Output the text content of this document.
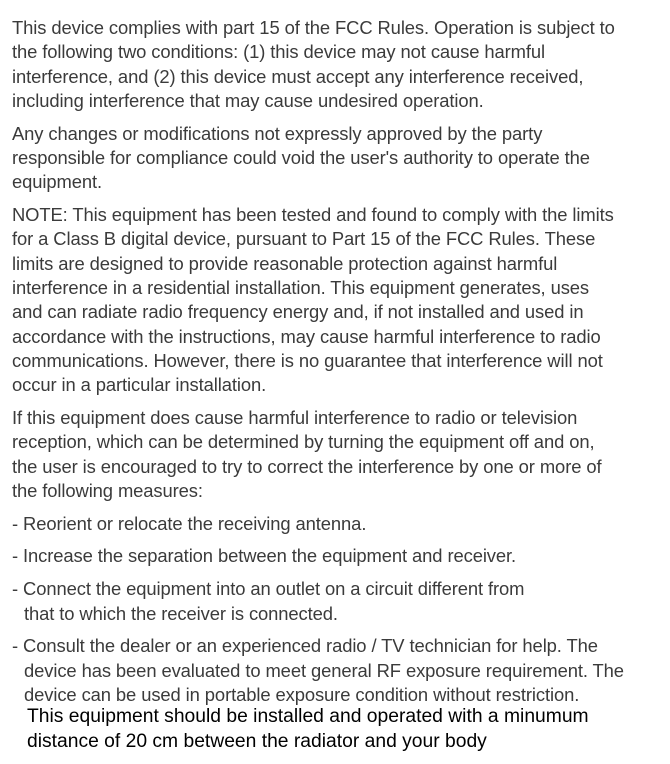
This device complies with part 15 of the FCC Rules. Operation is subject to
the following two conditions: (1) this device may not cause harmful
interference, and (2) this device must accept any interference received,
including interference that may cause undesired operation.
Any changes or modifications not expressly approved by the party
responsible for compliance could void the user's authority to operate the
equipment.
NOTE: This equipment has been tested and found to comply with the limits
for a Class B digital device, pursuant to Part 15 of the FCC Rules. These
limits are designed to provide reasonable protection against harmful
interference in a residential installation. This equipment generates, uses
and can radiate radio frequency energy and, if not installed and used in
accordance with the instructions, may cause harmful interference to radio
communications. However, there is no guarantee that interference will not
occur in a particular installation.
If this equipment does cause harmful interference to radio or television
reception, which can be determined by turning the equipment off and on,
the user is encouraged to try to correct the interference by one or more of
the following measures:
- Reorient or relocate the receiving antenna.
- Increase the separation between the equipment and receiver.
- Connect the equipment into an outlet on a circuit different from
that to which the receiver is connected.
- Consult the dealer or an experienced radio / TV technician for help. The
device has been evaluated to meet general RF exposure requirement. The
device can be used in portable exposure condition without restriction.
This equipment should be installed and operated with a minumum
distance of 20 cm between the radiator and your body
